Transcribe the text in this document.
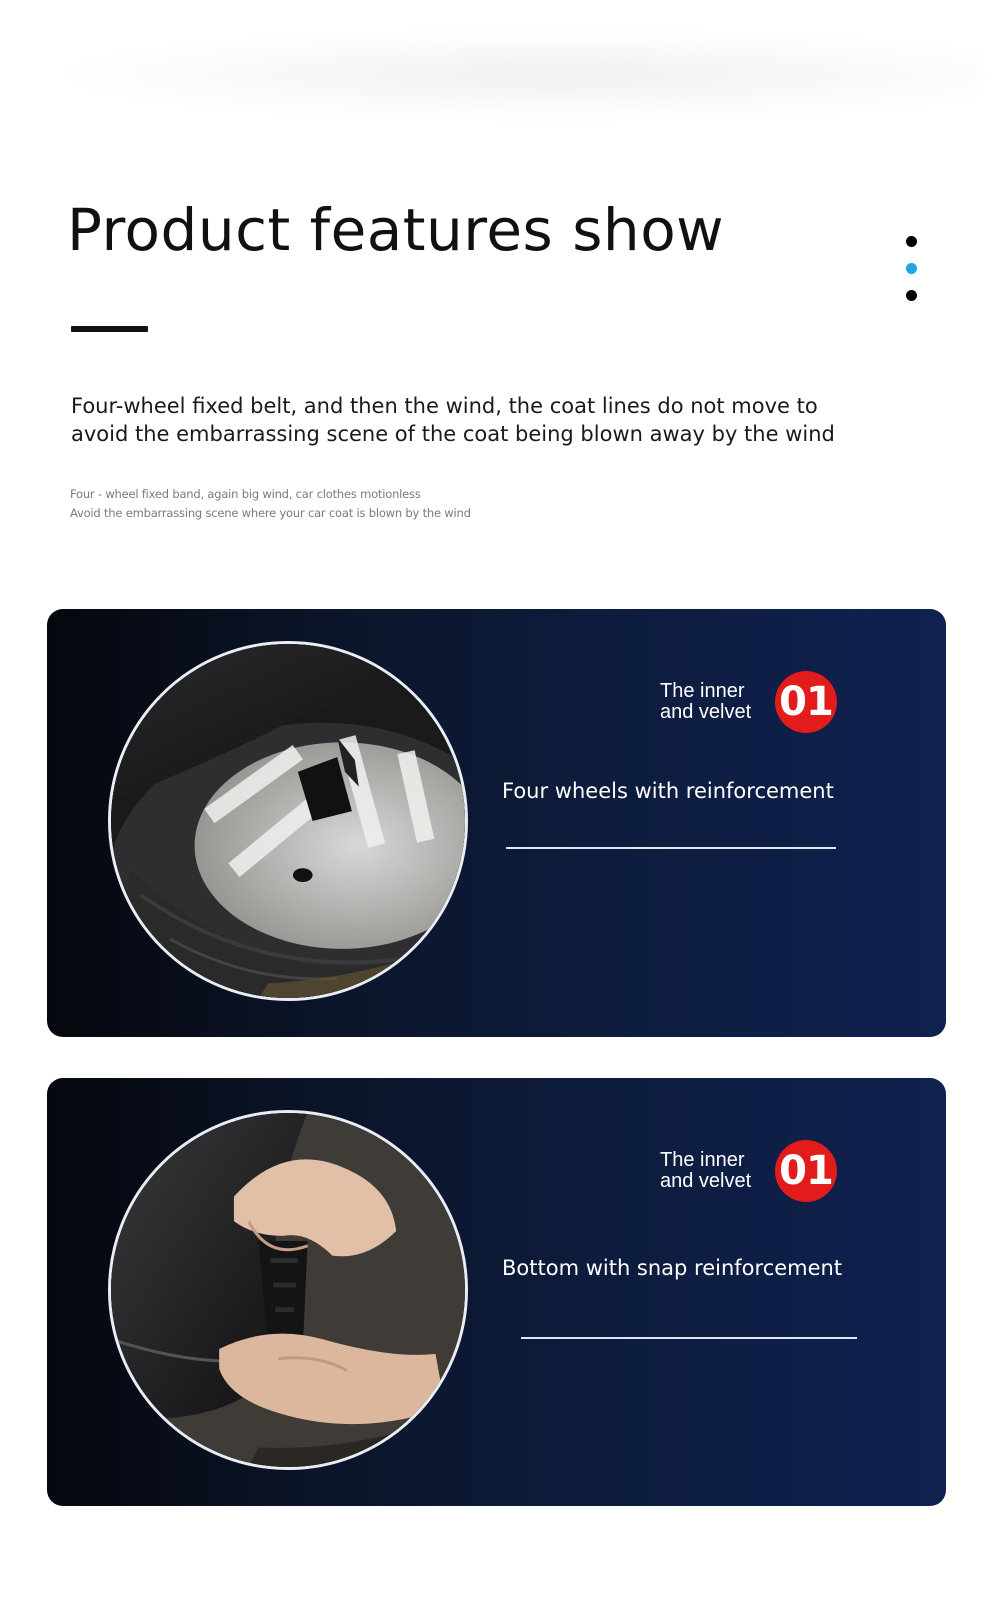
Product features show

Four-wheel fixed belt, and then the wind, the coat lines do not move to
avoid the embarrassing scene of the coat being blown away by the wind

Four - wheel fixed band, again big wind, car clothes motionless
Avoid the embarrassing scene where your car coat is blown by the wind

The inner
and velvet 01
Four wheels with reinforcement
The inner
and velvet 01
Bottom with snap reinforcement
